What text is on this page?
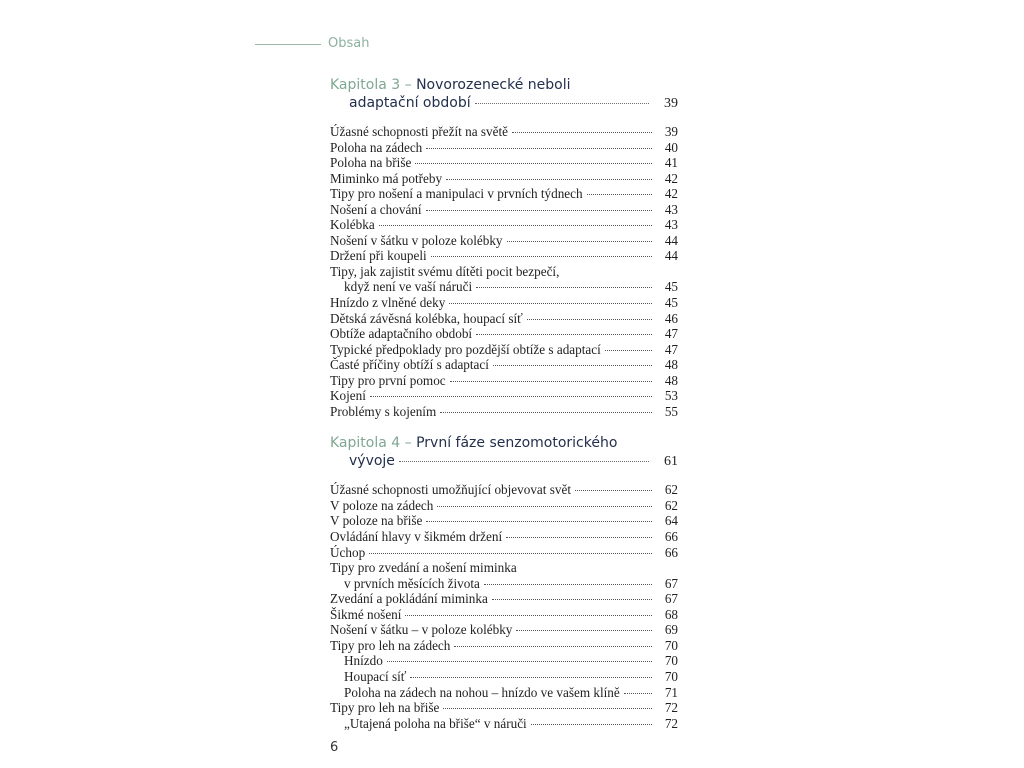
Obsah
Kapitola 3 – Novorozenecké neboli
adaptační období	39
Úžasné schopnosti přežít na světě	39
Poloha na zádech	40
Poloha na břiše	41
Miminko má potřeby	42
Tipy pro nošení a manipulaci v prvních týdnech	42
Nošení a chování	43
Kolébka	43
Nošení v šátku v poloze kolébky	44
Držení při koupeli	44
Tipy, jak zajistit svému dítěti pocit bezpečí,
když není ve vaší náruči	45
Hnízdo z vlněné deky	45
Dětská závěsná kolébka, houpací síť	46
Obtíže adaptačního období	47
Typické předpoklady pro pozdější obtíže s adaptací	47
Časté příčiny obtíží s adaptací	48
Tipy pro první pomoc	48
Kojení	53
Problémy s kojením	55
Kapitola 4 – První fáze senzomotorického
vývoje	61
Úžasné schopnosti umožňující objevovat svět	62
V poloze na zádech	62
V poloze na břiše	64
Ovládání hlavy v šikmém držení	66
Úchop	66
Tipy pro zvedání a nošení miminka
v prvních měsících života	67
Zvedání a pokládání miminka	67
Šikmé nošení	68
Nošení v šátku – v poloze kolébky	69
Tipy pro leh na zádech	70
Hnízdo	70
Houpací síť	70
Poloha na zádech na nohou – hnízdo ve vašem klíně	71
Tipy pro leh na břiše	72
„Utajená poloha na břiše“ v náruči	72
6
